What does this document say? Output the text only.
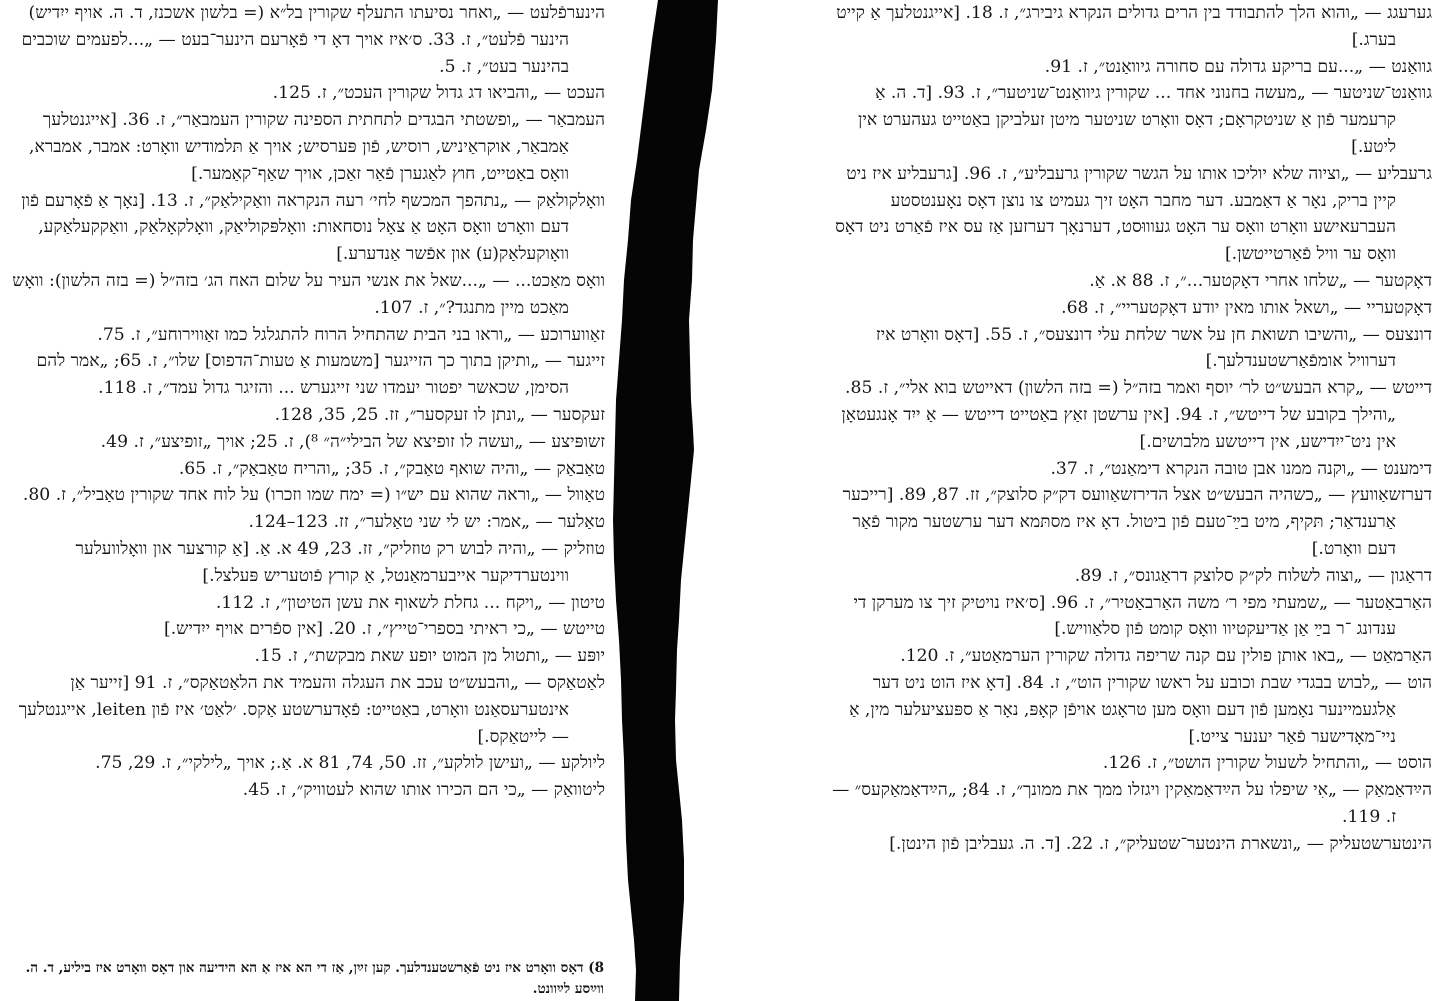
גערעגג — „והוא הלך להתבודד בין הרים גדולים הנקרא גיבירג״, ז. 18. [אייגנטלעך אַ קייט בערג.]

גוואַנט — „...עם בריקע גדולה עם סחורה גיוואַנט״, ז. 91.

גוואַנט־שניטער — „מעשה בחנוני אחד ... שקורין גיוואַנט־שניטער״, ז. 93. [ד. ה. אַ קרעמער פֿון אַ שניטקראָם; דאָס וואָרט שניטער מיטן זעלביקן באַטייט געהערט אין ליטע.]

גרעבליע — „וציוה שלא יוליכו אותו על הגשר שקורין גרעבליע״, ז. 96. [גרעבליע איז ניט קיין בריק, נאָר אַ דאַמבע. דער מחבר האָט זיך געמיט צו נוצן דאָס נאָענטסטע העברעאישע וואָרט וואָס ער האָט געוווּסט, דערנאָך דערזען אַז עס איז פֿאַרט ניט דאָס וואָס ער וויל פֿאַרטייטשן.]

דאָקטער — „שלחו אחרי דאָקטער...״, ז. 88 א. אַ.

דאָקטעריי — „ושאל אותו מאין יודע דאָקטעריי״, ז. 68.

דונצעס — „והשיבו תשואת חן על אשר שלחת עלי דונצעס״, ז. 55. [דאָס וואָרט איז דערוויל אומפֿאַרשטענדלעך.]

דייטש — „קרא הבעש״ט לר׳ יוסף ואמר בזה״ל (= בזה הלשון) דאייטש בוא אלי״, ז. 85. „והילך בקובע של דייטש״, ז. 94. [אין ערשטן זאַץ באַטייט דייטש — אַ ייִד אָנגעטאָן אין ניט־ייִדישע, אין דייטשע מלבושים.]

דימענט — „וקנה ממנו אבן טובה הנקרא דימאַנט״, ז. 37.

דערזשאַוועץ — „כשהיה הבעש״ט אצל הדירזשאַוועס דק״ק סלוצק״, זז. 87, 89. [רייכער אַרענדאַר; תּקיף, מיט בײַ־טעם פֿון ביטול. דאָ איז מסתּמא דער ערשטער מקור פֿאַר דעם וואָרט.]

דראַגון — „וצוה לשלוח לק״ק סלוצק דראַגונס״, ז. 89.

האַרבאַטער — „שמעתי מפי ר׳ משה האַרבאַטיר״, ז. 96. [ס׳איז נויטיק זיך צו מערקן די ענדונג ־ר בײַ אַן אַדיעקטיוו וואָס קומט פֿון סלאַוויש.]

האַרמאַט — „באו אותן פולין עם קנה שריפה גדולה שקורין הערמאַטע״, ז. 120.

הוט — „לבוש בבגדי שבת וכובע על ראשו שקורין הוט״, ז. 84. [דאָ איז הוט ניט דער אַלגעמיינער נאָמען פֿון דעם וואָס מען טראָגט אויפֿן קאָפּ, נאָר אַ ספּעציעלער מין, אַ ניי־מאָדישער פֿאַר יענער צייט.]

הוסט — „והתחיל לשעול שקורין הושט״, ז. 126.

הײַדאַמאַק — „אִי שיפלו על הײַדאַמאַקין ויגזלו ממך את ממונך״, ז. 84; „הײַדאַמאַקעס״ — ז. 119.

הינטערשטעליק — „ונשארת הינטער־שטעליק״, ז. 22. [ד. ה. געבליבן פֿון הינטן.]

הינערפֿלעט — „ואחר נסיעתו התעלף שקורין בל״א (= בלשון אשכנז, ד. ה. אויף ייִדיש) הינער פֿלעט״, ז. 33. ס׳איז אויך דאָ די פֿאָרעם הינער־בעט — „...לפעמים שוכבים בהינער בעט״, ז. 5.

העכט — „והביאו דג גדול שקורין העכט״, ז. 125.

העמבאַר — „ופשטתי הבגדים לתחתית הספינה שקורין העמבאַר״, ז. 36. [אייגנטלעך אַמבאַר, אוקראַיניש, רוסיש, פֿון פּערסיש; אויך אַ תּלמודיש וואָרט: אמבר, אמברא, וואָס באַטייט, חוץ לאַגערן פֿאַר זאַכן, אויך שאַף־קאַמער.]

וואָלקולאַק — „נתהפך המכשף לחי׳ רעה הנקראה וואַקילאַק״, ז. 13. [נאָך אַ פֿאָרעם פֿון דעם וואָרט וואָס האָט אַ צאָל נוסחאות: וואָלפּקוליאַק, וואָלקאָלאַק, וואַקקעלאַקע, וואָוקעלאַק(ע) און אפֿשר אַנדערע.]

וואָס מאַכט... — „...שאל את אנשי העיר על שלום האח הג׳ בזה״ל (= בזה הלשון): וואָש מאַכט מיין מתנגד?״, ז. 107.

זאַווערוכע — „וראו בני הבית שהתחיל הרוח להתגלגל כמו זאַווירוחע״, ז. 75.

זייגער — „ותיקן בתוך כך הזייגער [משמעות אַ טעות־הדפוס] שלו״, ז. 65; „אמר להם הסימן, שכאשר יפטור יעמדו שני זייגערש ... והזיגר גדול עמד״, ז. 118.

זעקסער — „ונתן לו זעקסער״, זז. 25, 35, 128.

זשופּיצע — „ועשה לו זופיצא של הבילי״ה״ ⁸), ז. 25; אויך „זופיצע״, ז. 49.

טאַבאַק — „והיה שואף טאַבק״, ז. 35; „והריח טאַבאַק״, ז. 65.

טאַוול — „וראה שהוא עם יש״ו (= ימח שמו וזכרו) על לוח אחד שקורין טאַביל״, ז. 80.

טאַלער — „אמר: יש לי שני טאַלער״, זז. 123–124.

טוזליק — „והיה לבוש רק טוזליק״, זז. 23, 49 א. אַ. [אַ קורצער און וואָלוועלער ווינטערדיקער אייבערמאַנטל, אַ קורץ פֿוטעריש פּעלצל.]

טיטון — „ויקח ... גחלת לשאוף את עשן הטיטון״, ז. 112.

טייטש — „כי ראיתי בספרי־טייץ״, ז. 20. [אין ספֿרים אויף ייִדיש.]

יופּע — „ותטול מן המוט יופע שאת מבקשת״, ז. 15.

לאַטאַקס — „והבעש״ט עכב את העגלה והעמיד את הלאַטאַקס״, ז. 91 [זייער אַן אינטערעסאַנט וואָרט, באַטייט: פֿאָדערשטע אַקס. ׳לאַט׳ איז פֿון leiten, אייגנטלעך — לייטאַקס.]

ליולקע — „ועישן לולקע״, זז. 50, 74, 81 א. אַ.; אויך „לילקי״, ז. 29, 75.

ליטוואַק — „כי הם הכירו אותו שהוא לעטוויק״, ז. 45.

8) דאָס וואָרט איז ניט פֿאַרשטענדלעך. קען זײַן, אַז די הא איז אַ הא הידיעה און דאָס וואָרט איז ביליע, ד. ה. ווײַסע לײַוונט.
